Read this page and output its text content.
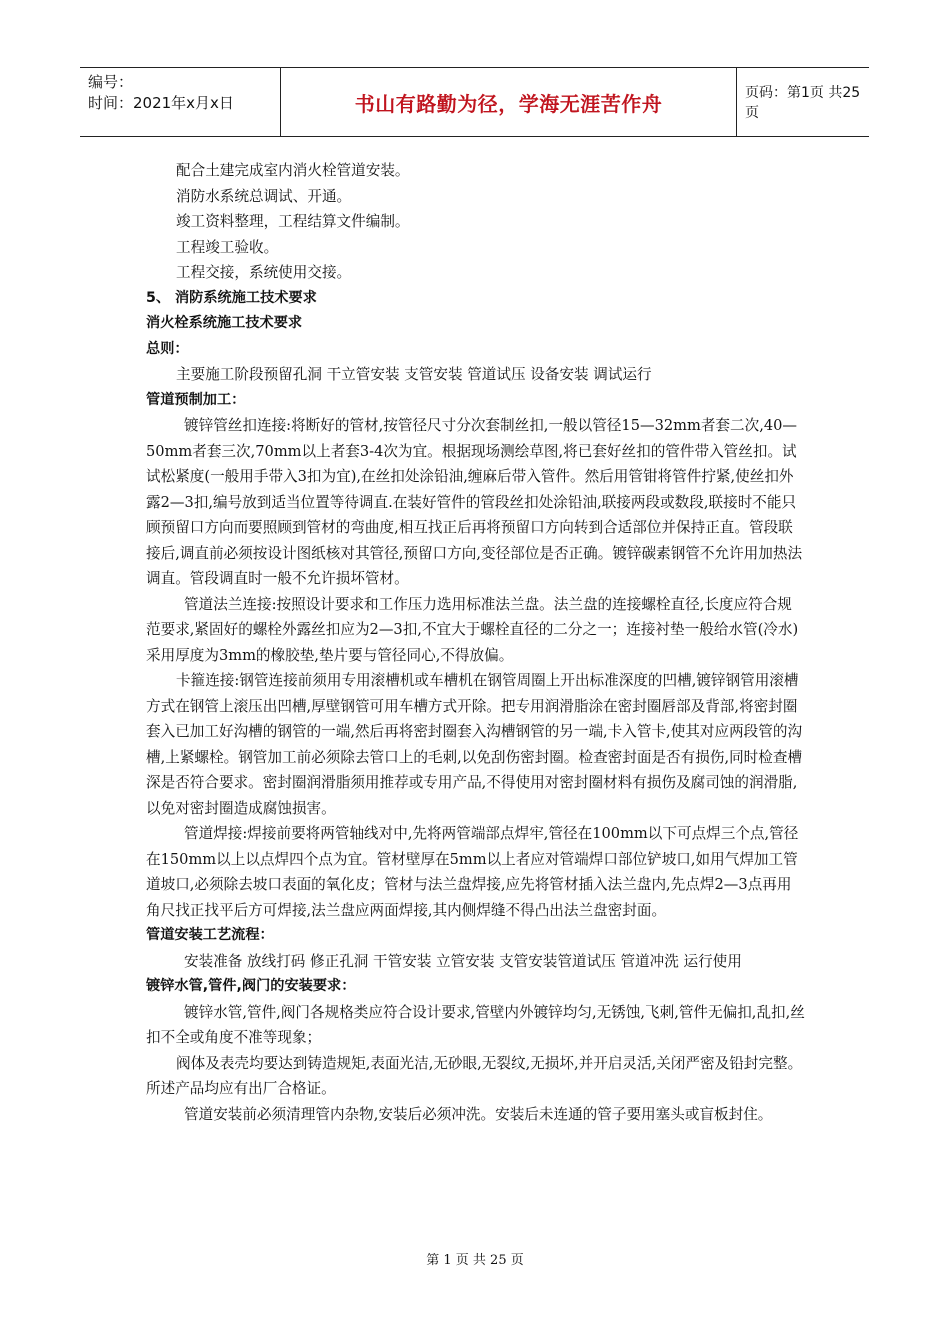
编号：
时间：2021年x月x日	书山有路勤为径，学海无涯苦作舟	页码：第1页 共25页

配合土建完成室内消火栓管道安装。

消防水系统总调试、开通。

竣工资料整理，工程结算文件编制。

工程竣工验收。

工程交接，系统使用交接。

5、 消防系统施工技术要求

消火栓系统施工技术要求

总则：

主要施工阶段预留孔洞 干立管安装 支管安装 管道试压 设备安装 调试运行

管道预制加工：

镀锌管丝扣连接:将断好的管材,按管径尺寸分次套制丝扣,一般以管径15—32mm者套二次,40—50mm者套三次,70mm以上者套3-4次为宜。根据现场测绘草图,将已套好丝扣的管件带入管丝扣。试试松紧度(一般用手带入3扣为宜),在丝扣处涂铅油,缠麻后带入管件。然后用管钳将管件拧紧,使丝扣外露2—3扣,编号放到适当位置等待调直.在装好管件的管段丝扣处涂铅油,联接两段或数段,联接时不能只顾预留口方向而要照顾到管材的弯曲度,相互找正后再将预留口方向转到合适部位并保持正直。管段联接后,调直前必须按设计图纸核对其管径,预留口方向,变径部位是否正确。镀锌碳素钢管不允许用加热法调直。管段调直时一般不允许损坏管材。

管道法兰连接:按照设计要求和工作压力选用标准法兰盘。法兰盘的连接螺栓直径,长度应符合规范要求,紧固好的螺栓外露丝扣应为2—3扣,不宜大于螺栓直径的二分之一；连接衬垫一般给水管(冷水)采用厚度为3mm的橡胶垫,垫片要与管径同心,不得放偏。

卡箍连接:钢管连接前须用专用滚槽机或车槽机在钢管周圈上开出标准深度的凹槽,镀锌钢管用滚槽方式在钢管上滚压出凹槽,厚壁钢管可用车槽方式开除。把专用润滑脂涂在密封圈唇部及背部,将密封圈套入已加工好沟槽的钢管的一端,然后再将密封圈套入沟槽钢管的另一端,卡入管卡,使其对应两段管的沟槽,上紧螺栓。钢管加工前必须除去管口上的毛刺,以免刮伤密封圈。检查密封面是否有损伤,同时检查槽深是否符合要求。密封圈润滑脂须用推荐或专用产品,不得使用对密封圈材料有损伤及腐司蚀的润滑脂,以免对密封圈造成腐蚀损害。

管道焊接:焊接前要将两管轴线对中,先将两管端部点焊牢,管径在100mm以下可点焊三个点,管径在150mm以上以点焊四个点为宜。管材壁厚在5mm以上者应对管端焊口部位铲坡口,如用气焊加工管道坡口,必须除去坡口表面的氧化皮；管材与法兰盘焊接,应先将管材插入法兰盘内,先点焊2—3点再用角尺找正找平后方可焊接,法兰盘应两面焊接,其内侧焊缝不得凸出法兰盘密封面。

管道安装工艺流程：

安装准备 放线打码 修正孔洞 干管安装 立管安装 支管安装管道试压 管道冲洗 运行使用

镀锌水管,管件,阀门的安装要求：

镀锌水管,管件,阀门各规格类应符合设计要求,管壁内外镀锌均匀,无锈蚀,飞刺,管件无偏扣,乱扣,丝扣不全或角度不准等现象；

阀体及表壳均要达到铸造规矩,表面光洁,无砂眼,无裂纹,无损坏,并开启灵活,关闭严密及铅封完整。所述产品均应有出厂合格证。

管道安装前必须清理管内杂物,安装后必须冲洗。安装后未连通的管子要用塞头或盲板封住。

第 1 页 共 25 页
